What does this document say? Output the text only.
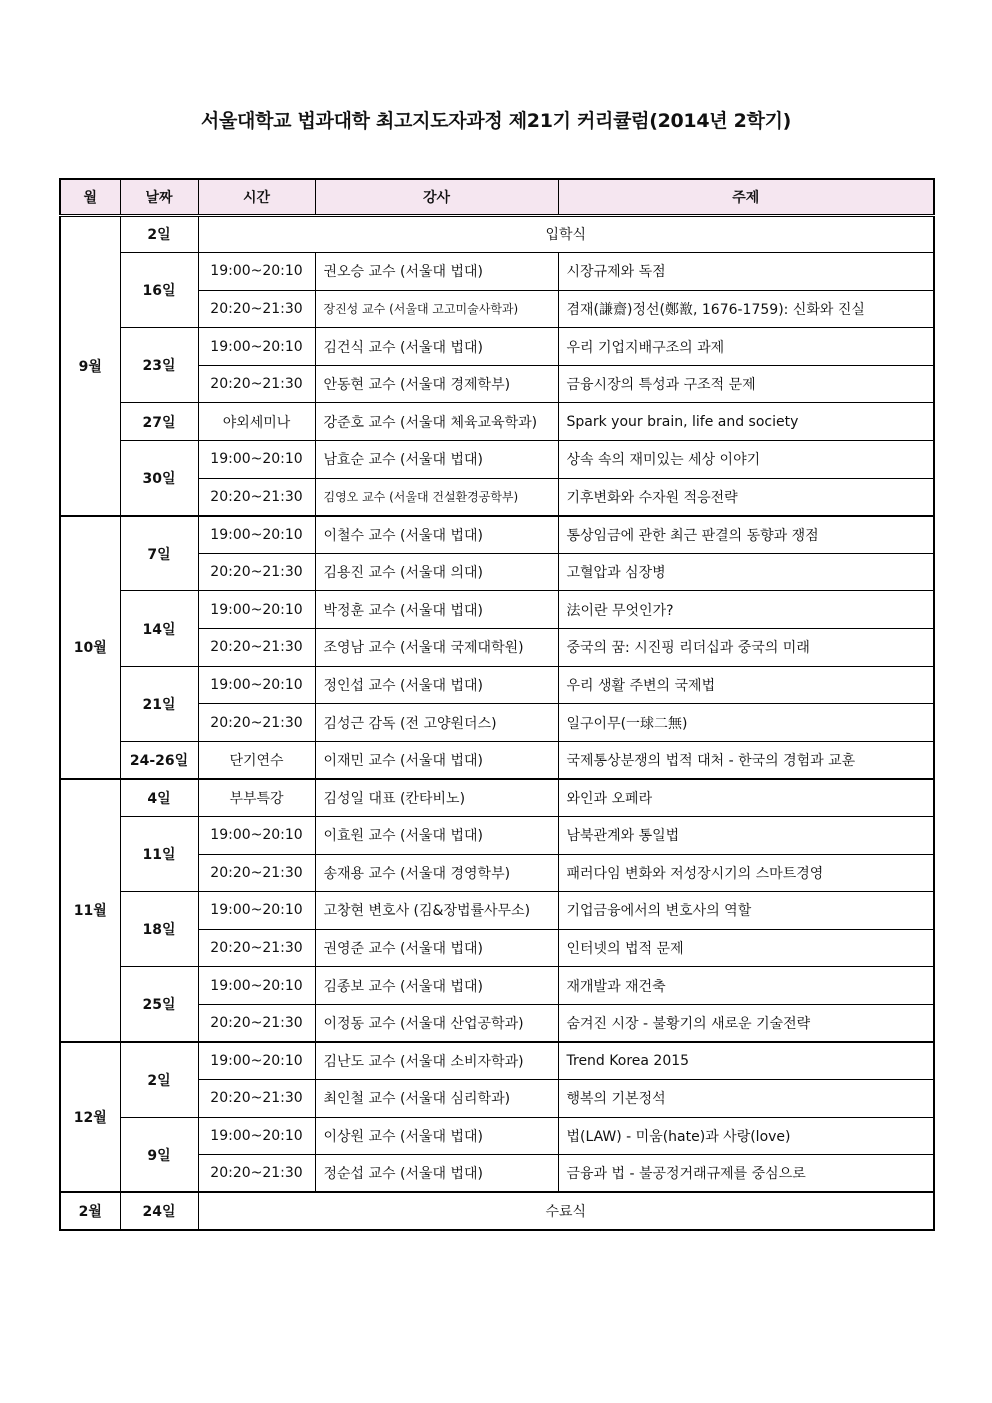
서울대학교 법과대학 최고지도자과정 제21기 커리큘럼(2014년 2학기)
월	날짜	시간	강사	주제
9월	2일	입학식		
	16일	19:00~20:10	권오승 교수 (서울대 법대)	시장규제와 독점
		20:20~21:30	장진성 교수 (서울대 고고미술사학과)	겸재(謙齋)정선(鄭敾, 1676-1759): 신화와 진실
	23일	19:00~20:10	김건식 교수 (서울대 법대)	우리 기업지배구조의 과제
		20:20~21:30	안동현 교수 (서울대 경제학부)	금융시장의 특성과 구조적 문제
	27일	야외세미나	강준호 교수 (서울대 체육교육학과)	Spark your brain, life and society
	30일	19:00~20:10	남효순 교수 (서울대 법대)	상속 속의 재미있는 세상 이야기
		20:20~21:30	김영오 교수 (서울대 건설환경공학부)	기후변화와 수자원 적응전략
10월	7일	19:00~20:10	이철수 교수 (서울대 법대)	통상임금에 관한 최근 판결의 동향과 쟁점
		20:20~21:30	김용진 교수 (서울대 의대)	고혈압과 심장병
	14일	19:00~20:10	박정훈 교수 (서울대 법대)	法이란 무엇인가?
		20:20~21:30	조영남 교수 (서울대 국제대학원)	중국의 꿈: 시진핑 리더십과 중국의 미래
	21일	19:00~20:10	정인섭 교수 (서울대 법대)	우리 생활 주변의 국제법
		20:20~21:30	김성근 감독 (전 고양원더스)	일구이무(一球二無)
	24-26일	단기연수	이재민 교수 (서울대 법대)	국제통상분쟁의 법적 대처 - 한국의 경험과 교훈
11월	4일	부부특강	김성일 대표 (칸타비노)	와인과 오페라
	11일	19:00~20:10	이효원 교수 (서울대 법대)	남북관계와 통일법
		20:20~21:30	송재용 교수 (서울대 경영학부)	패러다임 변화와 저성장시기의 스마트경영
	18일	19:00~20:10	고창현 변호사 (김&장법률사무소)	기업금융에서의 변호사의 역할
		20:20~21:30	권영준 교수 (서울대 법대)	인터넷의 법적 문제
	25일	19:00~20:10	김종보 교수 (서울대 법대)	재개발과 재건축
		20:20~21:30	이정동 교수 (서울대 산업공학과)	숨겨진 시장 - 불황기의 새로운 기술전략
12월	2일	19:00~20:10	김난도 교수 (서울대 소비자학과)	Trend Korea 2015
		20:20~21:30	최인철 교수 (서울대 심리학과)	행복의 기본정석
	9일	19:00~20:10	이상원 교수 (서울대 법대)	법(LAW) - 미움(hate)과 사랑(love)
		20:20~21:30	정순섭 교수 (서울대 법대)	금융과 법 - 불공정거래규제를 중심으로
2월	24일	수료식		
